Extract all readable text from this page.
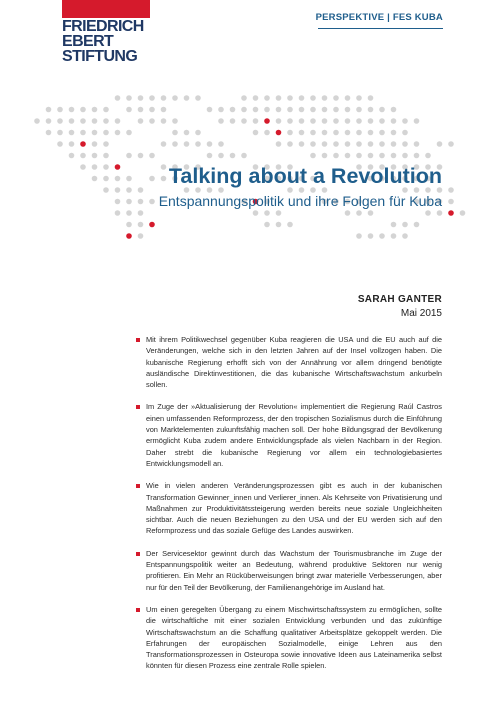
FRIEDRICH
EBERT
STIFTUNG
PERSPEKTIVE | FES KUBA
Talking about a Revolution
Entspannungspolitik und ihre Folgen für Kuba
SARAH GANTER
Mai 2015

Mit ihrem Politikwechsel gegenüber Kuba reagieren die USA und die EU auch auf die Veränderungen, welche sich in den letzten Jahren auf der Insel vollzogen haben. Die kubanische Regierung erhofft sich von der Annährung vor allem dringend benötigte ausländische Direktinvestitionen, die das kubanische Wirtschaftswachstum ankurbeln sollen.

Im Zuge der »Aktualisierung der Revolution« implementiert die Regierung Raúl Castros einen umfassenden Reformprozess, der den tropischen Sozialismus durch die Einführung von Marktelementen zukunftsfähig machen soll. Der hohe Bildungsgrad der Bevölkerung ermöglicht Kuba zudem andere Entwicklungspfade als vielen Nachbarn in der Region. Daher strebt die kubanische Regierung vor allem ein technologiebasiertes Entwicklungsmodell an.

Wie in vielen anderen Veränderungsprozessen gibt es auch in der kubanischen Transformation Gewinner_innen und Verlierer_innen. Als Kehrseite von Privatisierung und Maßnahmen zur Produktivitätssteigerung werden bereits neue soziale Ungleichheiten sichtbar. Auch die neuen Beziehungen zu den USA und der EU werden sich auf den Reformprozess und das soziale Gefüge des Landes auswirken.

Der Servicesektor gewinnt durch das Wachstum der Tourismusbranche im Zuge der Entspannungspolitik weiter an Bedeutung, während produktive Sektoren nur wenig profitieren. Ein Mehr an Rücküberweisungen bringt zwar materielle Verbesserungen, aber nur für den Teil der Bevölkerung, der Familienangehörige im Ausland hat.

Um einen geregelten Übergang zu einem Mischwirtschaftssystem zu ermöglichen, sollte die wirtschaftliche mit einer sozialen Entwicklung verbunden und das zukünftige Wirtschaftswachstum an die Schaffung qualitativer Arbeitsplätze gekoppelt werden. Die Erfahrungen der europäischen Sozialmodelle, einige Lehren aus den Transformationsprozessen in Osteuropa sowie innovative Ideen aus Lateinamerika selbst könnten für diesen Prozess eine zentrale Rolle spielen.
